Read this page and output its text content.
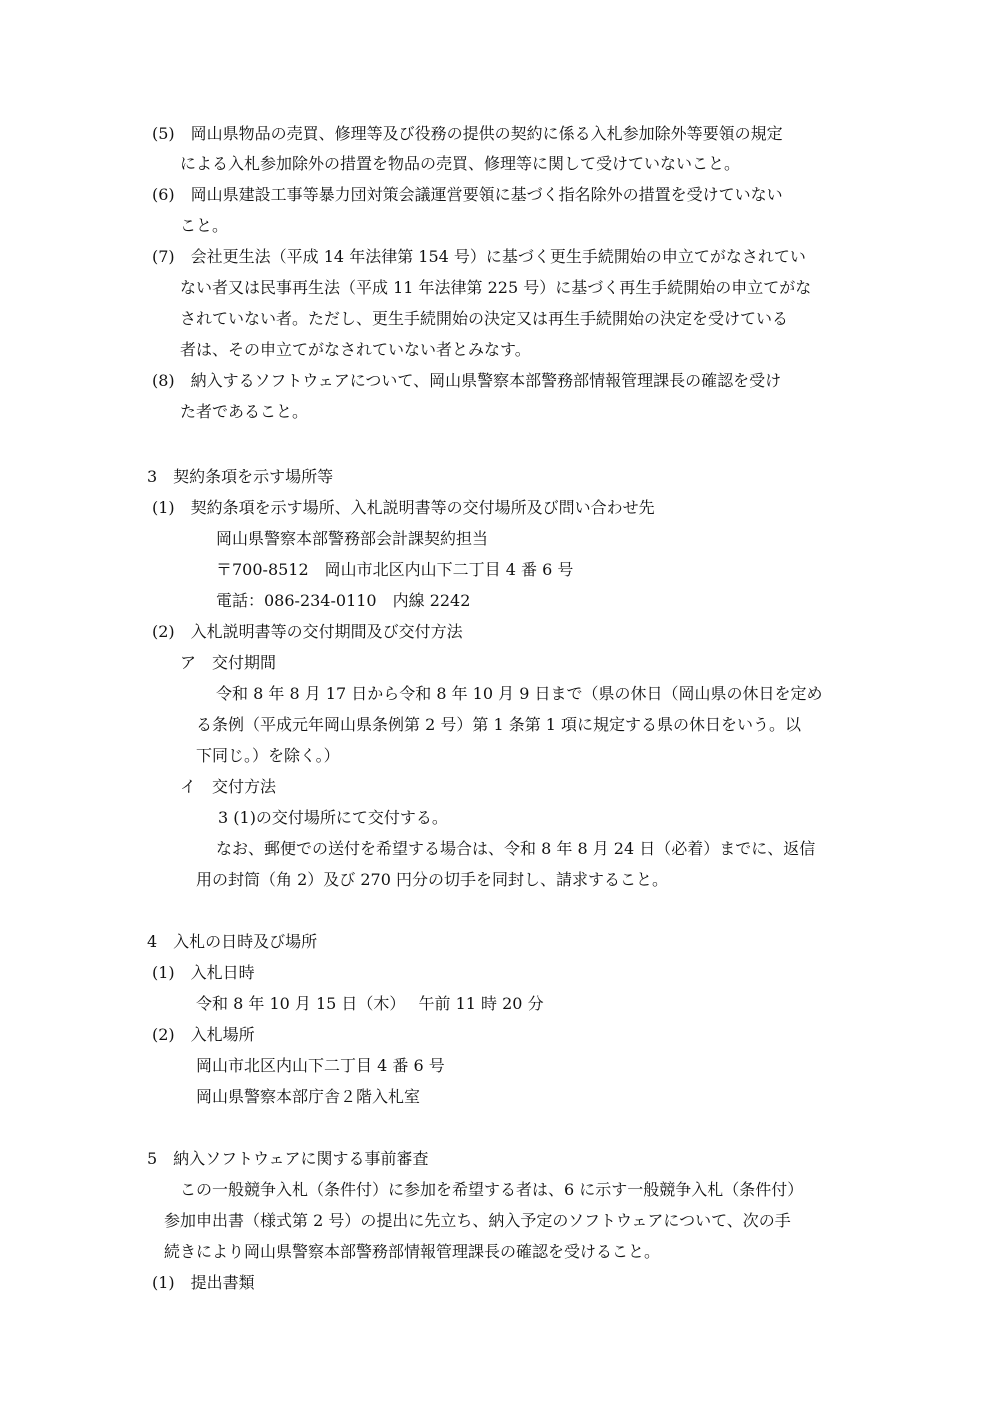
(5)　岡山県物品の売買、修理等及び役務の提供の契約に係る入札参加除外等要領の規定
による入札参加除外の措置を物品の売買、修理等に関して受けていないこと。
(6)　岡山県建設工事等暴力団対策会議運営要領に基づく指名除外の措置を受けていない
こと。
(7)　会社更生法（平成 14 年法律第 154 号）に基づく更生手続開始の申立てがなされてい
ない者又は民事再生法（平成 11 年法律第 225 号）に基づく再生手続開始の申立てがな
されていない者。ただし、更生手続開始の決定又は再生手続開始の決定を受けている
者は、その申立てがなされていない者とみなす。
(8)　納入するソフトウェアについて、岡山県警察本部警務部情報管理課長の確認を受け
た者であること。
3　契約条項を示す場所等
(1)　契約条項を示す場所、入札説明書等の交付場所及び問い合わせ先
岡山県警察本部警務部会計課契約担当
〒700-8512　岡山市北区内山下二丁目 4 番 6 号
電話：086-234-0110　内線 2242
(2)　入札説明書等の交付期間及び交付方法
ア　交付期間
令和 8 年 8 月 17 日から令和 8 年 10 月 9 日まで（県の休日（岡山県の休日を定め
る条例（平成元年岡山県条例第 2 号）第 1 条第 1 項に規定する県の休日をいう。以
下同じ。）を除く。）
イ　交付方法
3 (1)の交付場所にて交付する。
なお、郵便での送付を希望する場合は、令和 8 年 8 月 24 日（必着）までに、返信
用の封筒（角 2）及び 270 円分の切手を同封し、請求すること。
4　入札の日時及び場所
(1)　入札日時
令和 8 年 10 月 15 日（木）　 午前 11 時 20 分
(2)　入札場所
岡山市北区内山下二丁目 4 番 6 号
岡山県警察本部庁舎２階入札室
5　納入ソフトウェアに関する事前審査
この一般競争入札（条件付）に参加を希望する者は、6 に示す一般競争入札（条件付）
参加申出書（様式第 2 号）の提出に先立ち、納入予定のソフトウェアについて、次の手
続きにより岡山県警察本部警務部情報管理課長の確認を受けること。
(1)　提出書類
